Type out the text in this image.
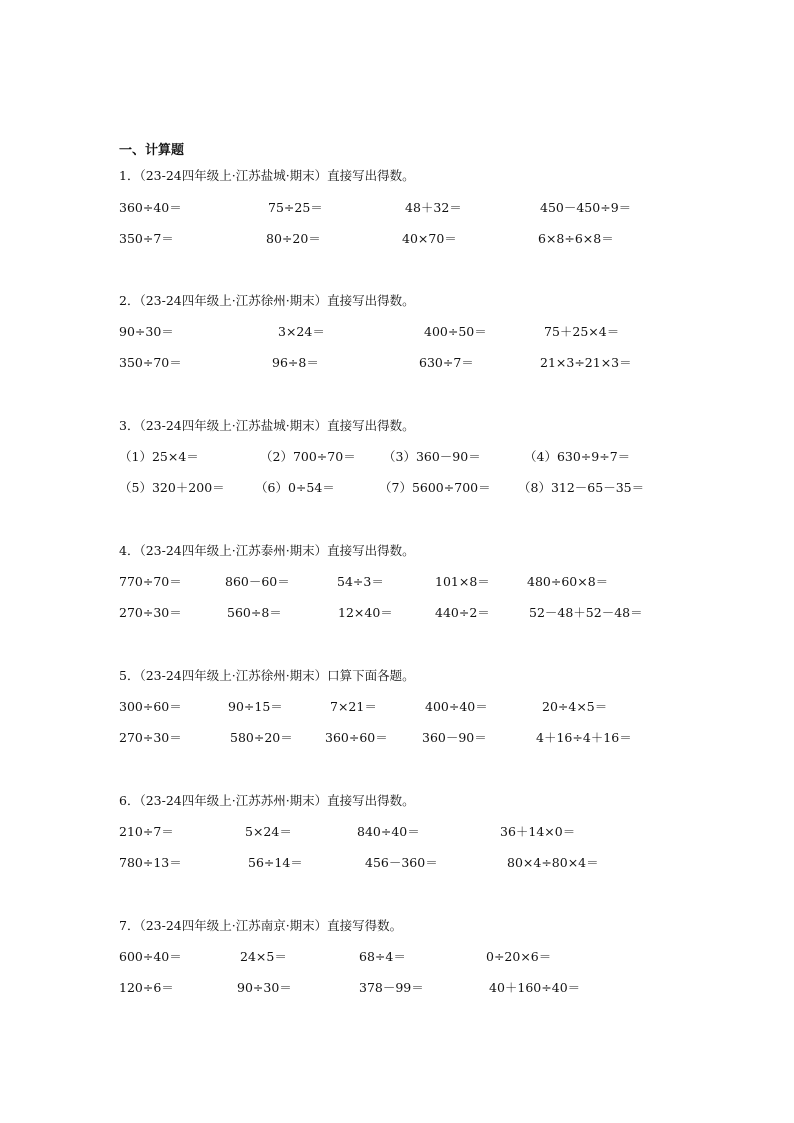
一、计算题
1．（23-24四年级上·江苏盐城·期末）直接写出得数。
360÷40＝	75÷25＝	48＋32＝	450－450÷9＝
350÷7＝	80÷20＝	40×70＝	6×8÷6×8＝
2．（23-24四年级上·江苏徐州·期末）直接写出得数。
90÷30＝	3×24＝	400÷50＝	75＋25×4＝
350÷70＝	96÷8＝	630÷7＝	21×3÷21×3＝
3．（23-24四年级上·江苏盐城·期末）直接写出得数。
（1）25×4＝	（2）700÷70＝ （3）360－90＝	（4）630÷9÷7＝
（5）320＋200＝ （6）0÷54＝	（7）5600÷700＝ （8）312－65－35＝
4．（23-24四年级上·江苏泰州·期末）直接写出得数。
770÷70＝	860－60＝	54÷3＝	101×8＝	480÷60×8＝
270÷30＝	560÷8＝	12×40＝	440÷2＝	52－48＋52－48＝
5．（23-24四年级上·江苏徐州·期末）口算下面各题。
300÷60＝	90÷15＝	7×21＝	400÷40＝	20÷4×5＝
270÷30＝	580÷20＝	360÷60＝	360－90＝	4＋16÷4＋16＝
6．（23-24四年级上·江苏苏州·期末）直接写出得数。
210÷7＝	5×24＝	840÷40＝	36＋14×0＝
780÷13＝	56÷14＝	456－360＝	80×4÷80×4＝
7．（23-24四年级上·江苏南京·期末）直接写得数。
600÷40＝	24×5＝	68÷4＝	0÷20×6＝
120÷6＝	90÷30＝	378－99＝	40＋160÷40＝
